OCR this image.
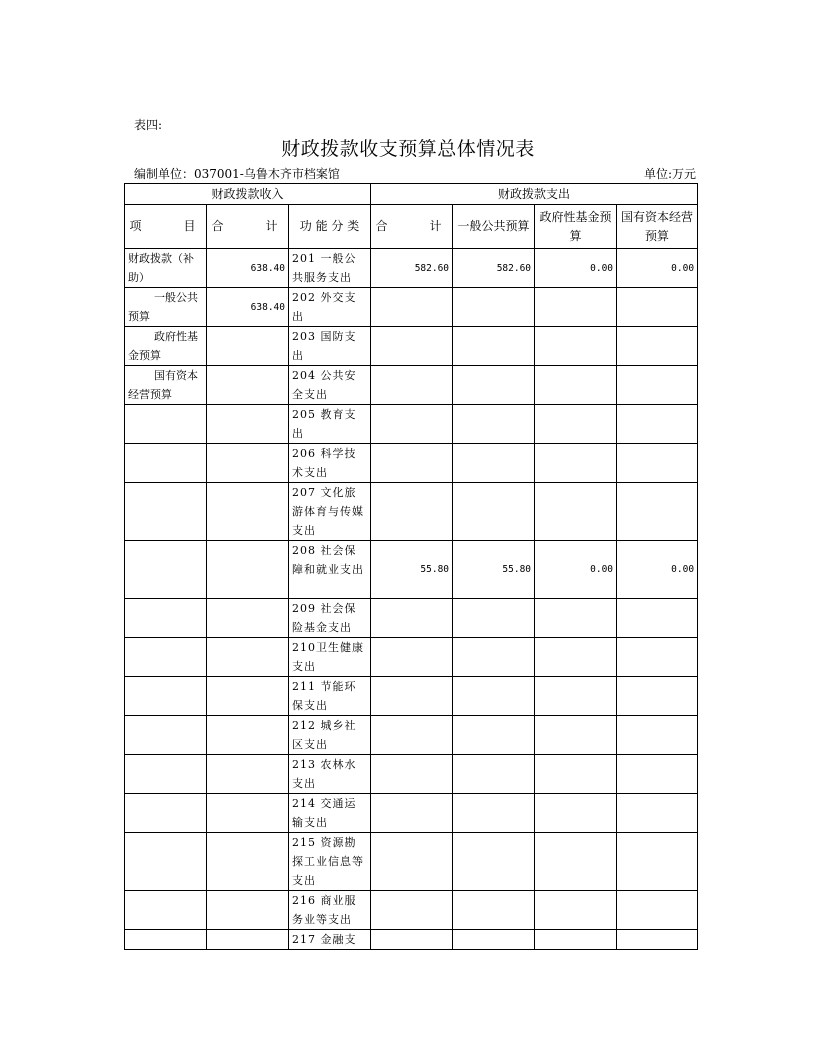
表四:
财政拨款收支预算总体情况表
编制单位：037001-乌鲁木齐市档案馆	单位:万元
财政拨款收入			财政拨款支出			
项　　目	合　　计	功 能 分 类	合　　计	一般公共预算	政府性基金预算	国有资本经营预算
财政拨款（补助）	638.40	201 一般公共服务支出	582.60	582.60	0.00	0.00
一般公共预算	638.40	202 外交支出				
政府性基金预算		203 国防支出				
国有资本经营预算		204 公共安全支出				
		205 教育支出				
		206 科学技术支出				
		207 文化旅游体育与传媒支出				
		208 社会保障和就业支出	55.80	55.80	0.00	0.00
		209 社会保险基金支出				
		210卫生健康支出				
		211 节能环保支出				
		212 城乡社区支出				
		213 农林水支出				
		214 交通运输支出				
		215 资源勘探工业信息等支出				
		216 商业服务业等支出				
		217 金融支				
